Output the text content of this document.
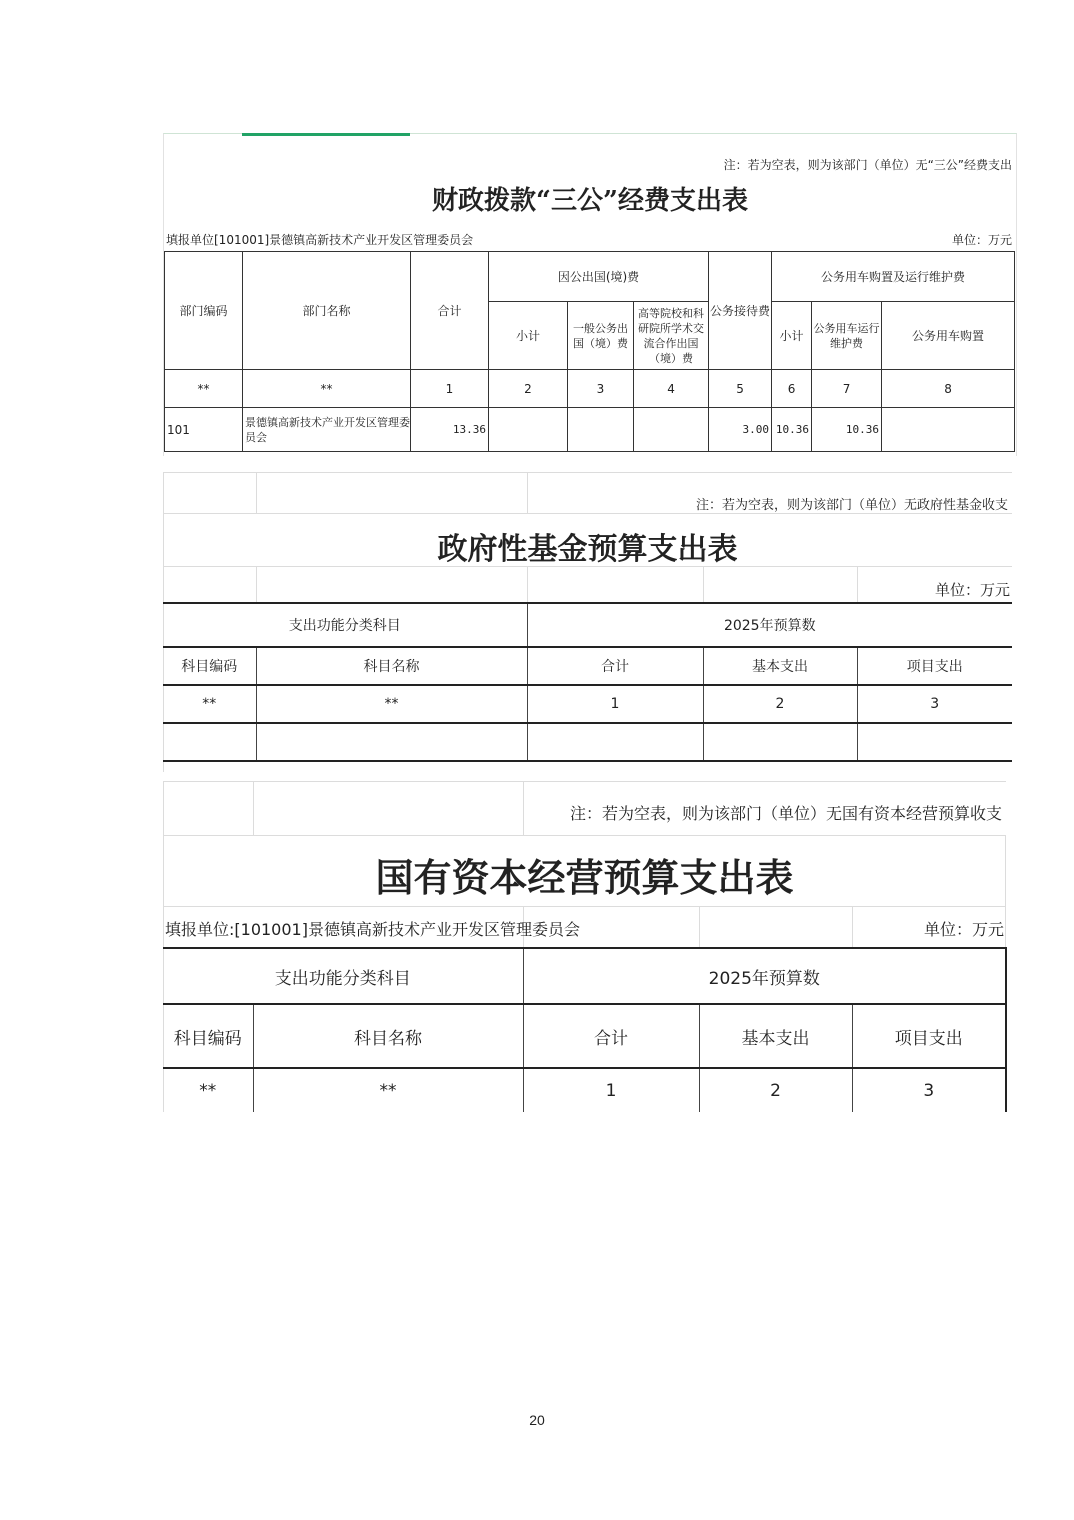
注：若为空表，则为该部门（单位）无“三公”经费支出
财政拨款“三公”经费支出表
填报单位[101001]景德镇高新技术产业开发区管理委员会	单位：万元
部门编码	部门名称	合计	因公出国(境)费			公务接待费	公务用车购置及运行维护费		
			小计	一般公务出国（境）费	高等院校和科研院所学术交流合作出国（境）费		小计	公务用车运行维护费	公务用车购置
**	**	1	2	3	4	5	6	7	8
101	景德镇高新技术产业开发区管理委员会	13.36				3.00	10.36	10.36	
注：若为空表，则为该部门（单位）无政府性基金收支
政府性基金预算支出表
单位：万元
支出功能分类科目		2025年预算数		
科目编码	科目名称	合计	基本支出	项目支出
**	**	1	2	3

注：若为空表，则为该部门（单位）无国有资本经营预算收支
国有资本经营预算支出表
填报单位:[101001]景德镇高新技术产业开发区管理委员会	单位：万元
支出功能分类科目		2025年预算数		
科目编码	科目名称	合计	基本支出	项目支出
**	**	1	2	3
20
